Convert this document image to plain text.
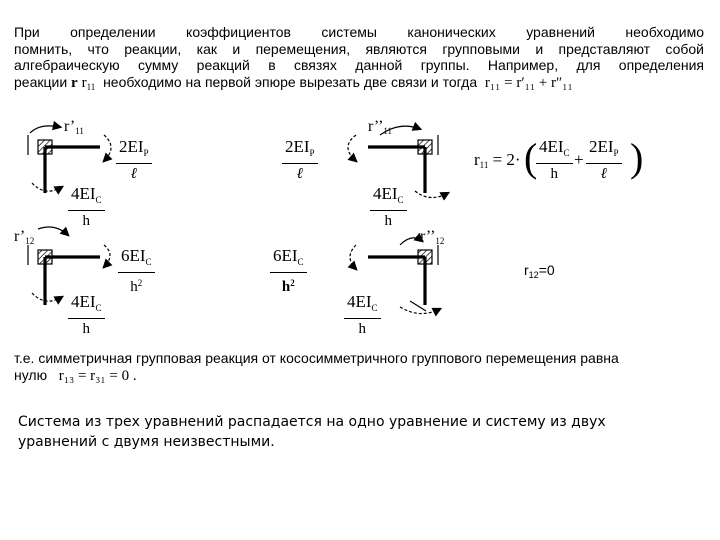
При определении коэффициентов системы канонических уравнений необходимо
помнить, что реакции, как и перемещения, являются групповыми и представляют собой
алгебраическую сумму реакций в связях данной группы. Например, для определения
реакции r $r_{11}$ необходимо на первой эпюре вырезать две связи и тогда r₁₁ = r′₁₁ + r″₁₁
$r’_{11}$	$r’’_{11}$
$r’_{12}$	$r’’_{12}$
$2EI_P$
ℓ
$4EI_C$
h
$2EI_P$
ℓ
$4EI_C$
h
$6EI_C$
$h^2$
$4EI_C$
h
$6EI_C$
$h^2$
$4EI_C$
h
$r_{11} = 2\cdot$ ( $4EI_C$
h
+
$2EI_P$
ℓ )
$r_{12}=0$
т.е. симметричная групповая реакция от кососимметричного группового перемещения равна
нулю r₁₃ = r₃₁ = 0 .

Система из трех уравнений распадается на одно уравнение и систему из двух уравнений с двумя неизвестными.
